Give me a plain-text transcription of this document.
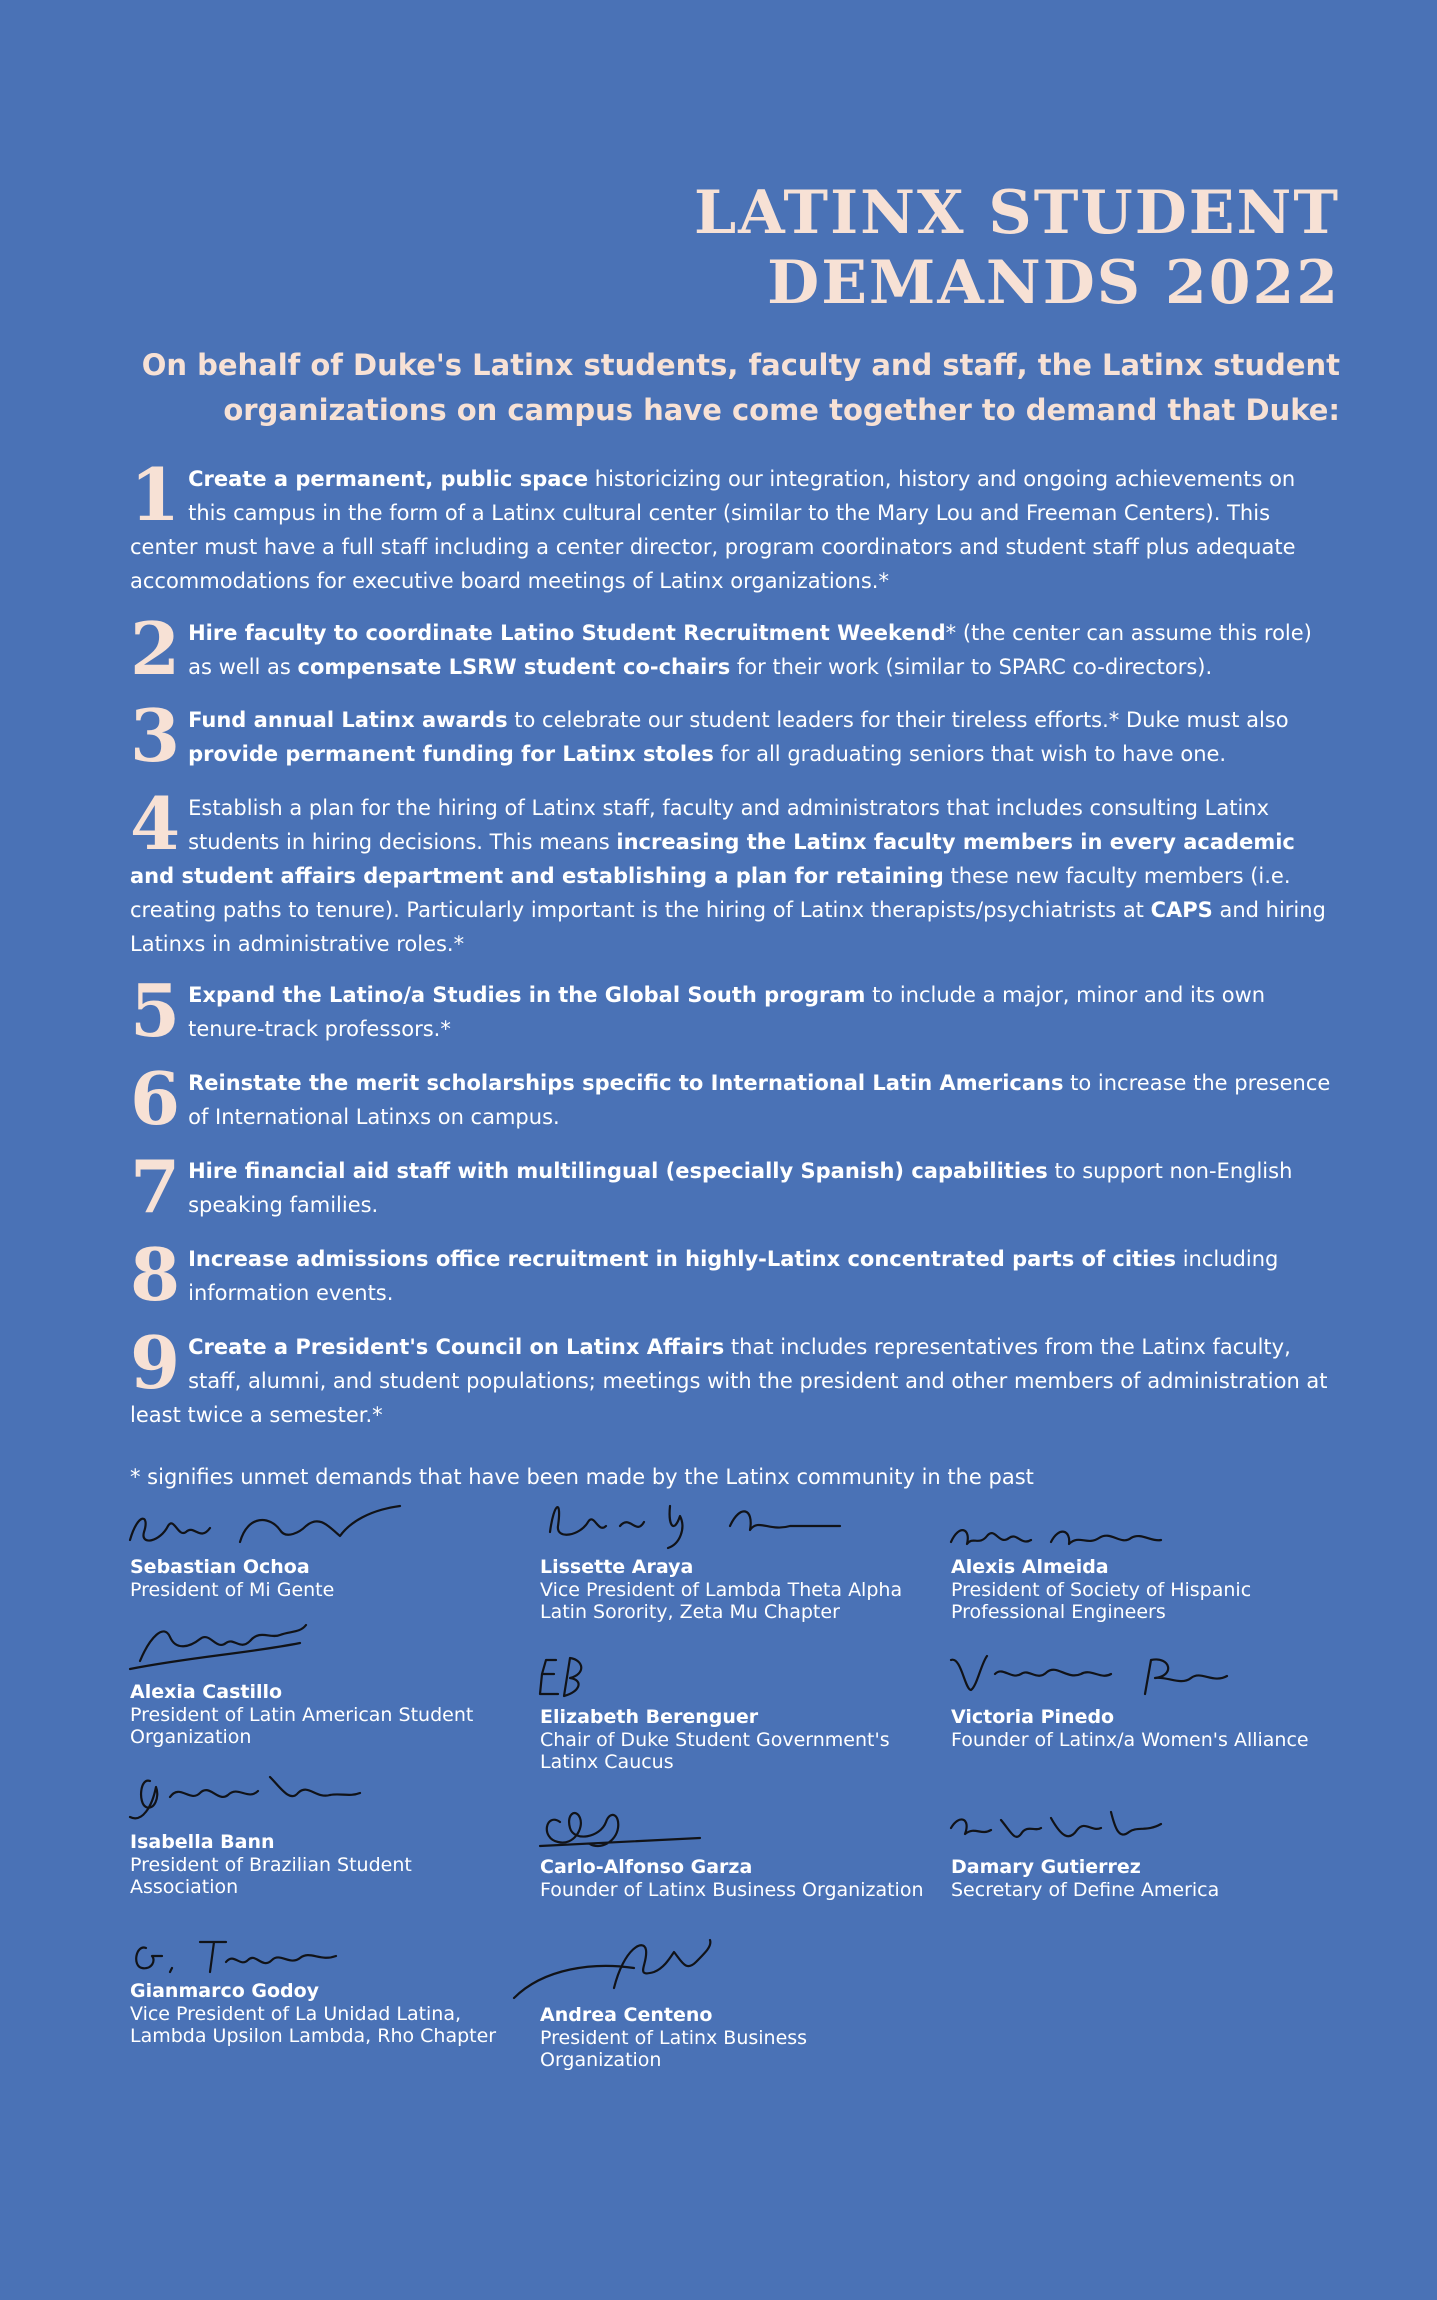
LATINX STUDENT
DEMANDS 2022

On behalf of Duke's Latinx students, faculty and staff, the Latinx student organizations on campus have come together to demand that Duke:

1 Create a permanent, public space historicizing our integration, history and ongoing achievements on this campus in the form of a Latinx cultural center (similar to the Mary Lou and Freeman Centers). This center must have a full staff including a center director, program coordinators and student staff plus adequate accommodations for executive board meetings of Latinx organizations.*

2 Hire faculty to coordinate Latino Student Recruitment Weekend* (the center can assume this role) as well as compensate LSRW student co-chairs for their work (similar to SPARC co-directors).

3 Fund annual Latinx awards to celebrate our student leaders for their tireless efforts.* Duke must also provide permanent funding for Latinx stoles for all graduating seniors that wish to have one.

4 Establish a plan for the hiring of Latinx staff, faculty and administrators that includes consulting Latinx students in hiring decisions. This means increasing the Latinx faculty members in every academic and student affairs department and establishing a plan for retaining these new faculty members (i.e. creating paths to tenure). Particularly important is the hiring of Latinx therapists/psychiatrists at CAPS and hiring Latinxs in administrative roles.*

5 Expand the Latino/a Studies in the Global South program to include a major, minor and its own tenure-track professors.*

6 Reinstate the merit scholarships specific to International Latin Americans to increase the presence of International Latinxs on campus.

7 Hire financial aid staff with multilingual (especially Spanish) capabilities to support non-English speaking families.

8 Increase admissions office recruitment in highly-Latinx concentrated parts of cities including information events.

9 Create a President's Council on Latinx Affairs that includes representatives from the Latinx faculty, staff, alumni, and student populations; meetings with the president and other members of administration at least twice a semester.*

* signifies unmet demands that have been made by the Latinx community in the past

Sebastian Ochoa
President of Mi Gente
Lissette Araya
Vice President of Lambda Theta Alpha Latin Sorority, Zeta Mu Chapter
Alexis Almeida
President of Society of Hispanic Professional Engineers
Alexia Castillo
President of Latin American Student Organization
Elizabeth Berenguer
Chair of Duke Student Government's Latinx Caucus
Victoria Pinedo
Founder of Latinx/a Women's Alliance
Isabella Bann
President of Brazilian Student Association
Carlo-Alfonso Garza
Founder of Latinx Business Organization
Damary Gutierrez
Secretary of Define America
Gianmarco Godoy
Vice President of La Unidad Latina, Lambda Upsilon Lambda, Rho Chapter
Andrea Centeno
President of Latinx Business Organization
